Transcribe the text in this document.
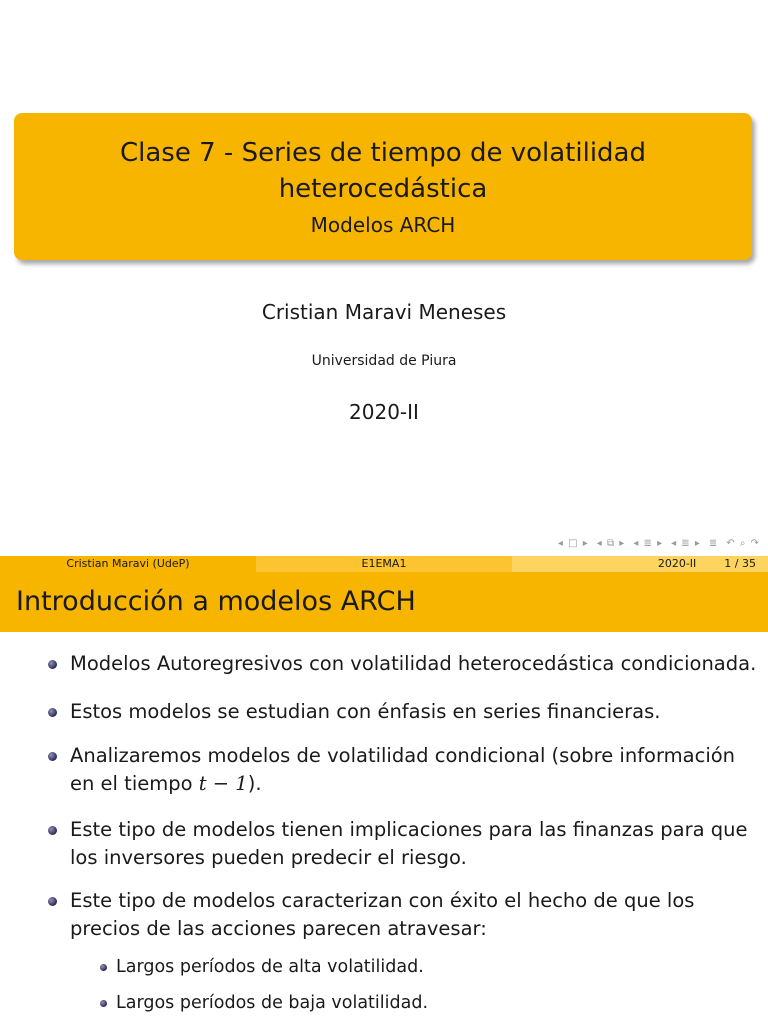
Clase 7 - Series de tiempo de volatilidad
heterocedástica
Modelos ARCH
Cristian Maravi Meneses
Universidad de Piura
2020-II
◂ □ ▸ ◂ ⧉ ▸ ◂ ≣ ▸ ◂ ≣ ▸ ≣ ↶ ⌕ ↷
Cristian Maravi (UdeP)	E1EMA1	2020-II	1 / 35
Introducción a modelos ARCH
Modelos Autoregresivos con volatilidad heterocedástica condicionada.
Estos modelos se estudian con énfasis en series financieras.
Analizaremos modelos de volatilidad condicional (sobre información
en el tiempo t − 1).
Este tipo de modelos tienen implicaciones para las finanzas para que
los inversores pueden predecir el riesgo.
Este tipo de modelos caracterizan con éxito el hecho de que los
precios de las acciones parecen atravesar:
Largos períodos de alta volatilidad.
Largos períodos de baja volatilidad.
